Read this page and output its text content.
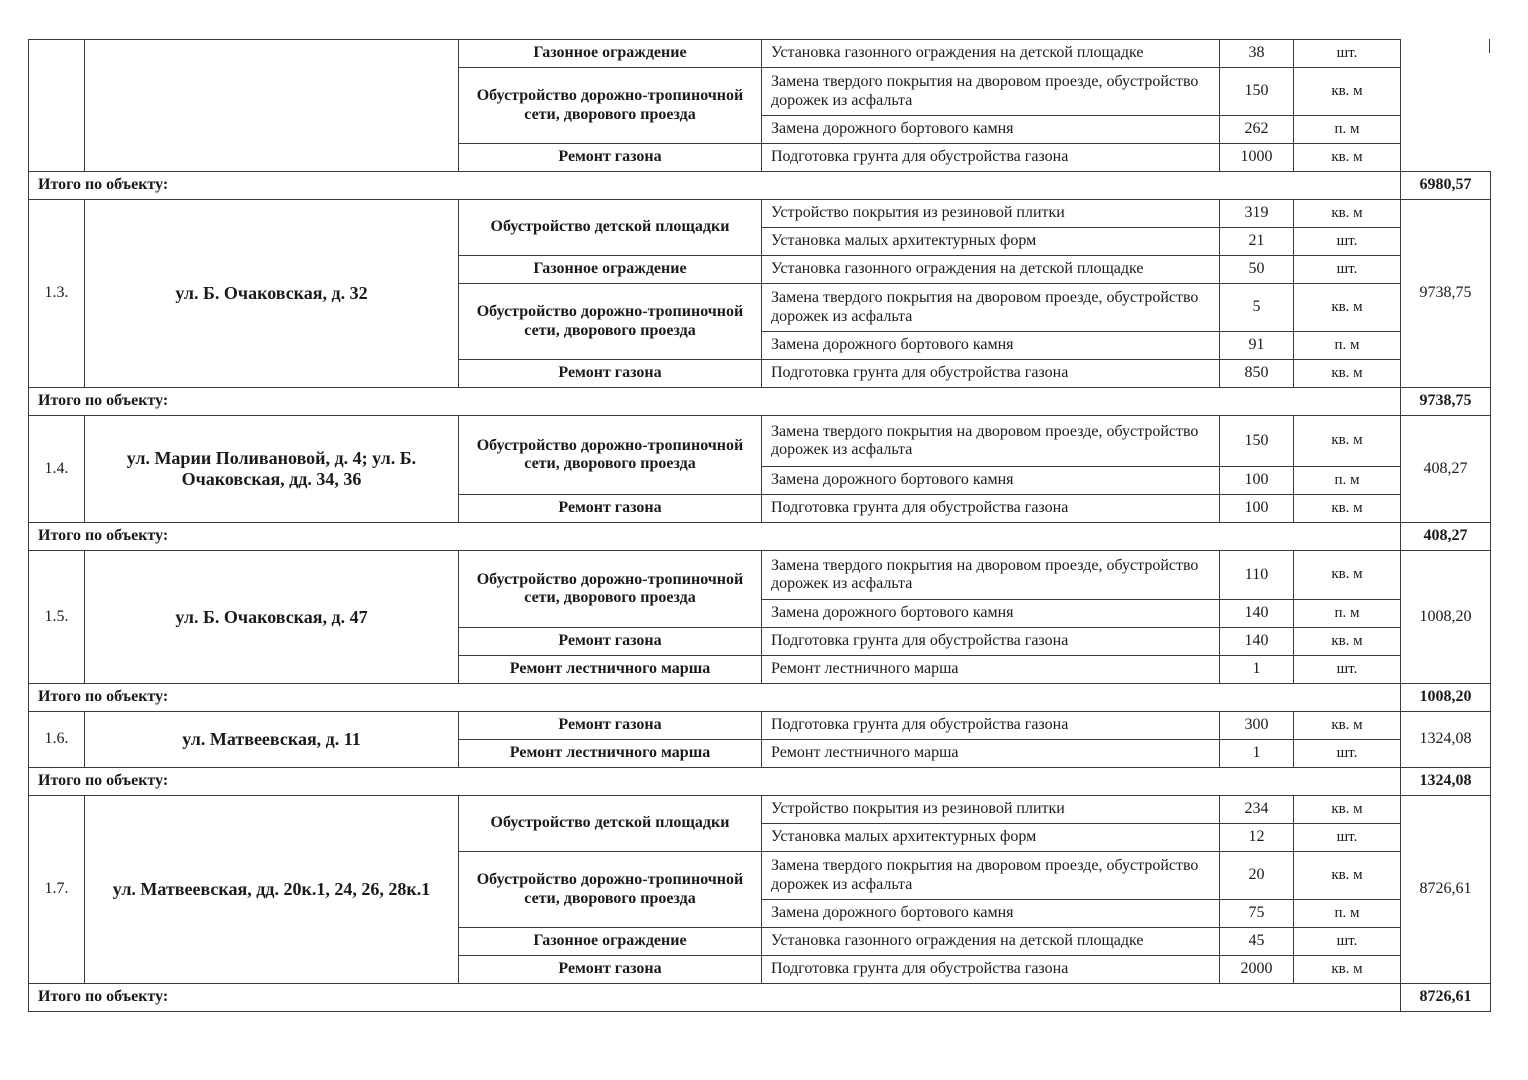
		Газонное ограждение	Установка газонного ограждения на детской площадке	38	шт.	
		Обустройство дорожно-тропиночной сети, дворового проезда	Замена твердого покрытия на дворовом проезде, обустройство дорожек из асфальта	150	кв. м	
			Замена дорожного бортового камня	262	п. м	
		Ремонт газона	Подготовка грунта для обустройства газона	1000	кв. м	
Итого по объекту:						6980,57
1.3.	ул. Б. Очаковская, д. 32	Обустройство детской площадки	Устройство покрытия из резиновой плитки	319	кв. м	9738,75
			Установка малых архитектурных форм	21	шт.	
		Газонное ограждение	Установка газонного ограждения на детской площадке	50	шт.	
		Обустройство дорожно-тропиночной сети, дворового проезда	Замена твердого покрытия на дворовом проезде, обустройство дорожек из асфальта	5	кв. м	
			Замена дорожного бортового камня	91	п. м	
		Ремонт газона	Подготовка грунта для обустройства газона	850	кв. м	
Итого по объекту:						9738,75
1.4.	ул. Марии Поливановой, д. 4; ул. Б. Очаковская, дд. 34, 36	Обустройство дорожно-тропиночной сети, дворового проезда	Замена твердого покрытия на дворовом проезде, обустройство дорожек из асфальта	150	кв. м	408,27
			Замена дорожного бортового камня	100	п. м	
		Ремонт газона	Подготовка грунта для обустройства газона	100	кв. м	
Итого по объекту:						408,27
1.5.	ул. Б. Очаковская, д. 47	Обустройство дорожно-тропиночной сети, дворового проезда	Замена твердого покрытия на дворовом проезде, обустройство дорожек из асфальта	110	кв. м	1008,20
			Замена дорожного бортового камня	140	п. м	
		Ремонт газона	Подготовка грунта для обустройства газона	140	кв. м	
		Ремонт лестничного марша	Ремонт лестничного марша	1	шт.	
Итого по объекту:						1008,20
1.6.	ул. Матвеевская, д. 11	Ремонт газона	Подготовка грунта для обустройства газона	300	кв. м	1324,08
		Ремонт лестничного марша	Ремонт лестничного марша	1	шт.	
Итого по объекту:						1324,08
1.7.	ул. Матвеевская, дд. 20к.1, 24, 26, 28к.1	Обустройство детской площадки	Устройство покрытия из резиновой плитки	234	кв. м	8726,61
			Установка малых архитектурных форм	12	шт.	
		Обустройство дорожно-тропиночной сети, дворового проезда	Замена твердого покрытия на дворовом проезде, обустройство дорожек из асфальта	20	кв. м	
			Замена дорожного бортового камня	75	п. м	
		Газонное ограждение	Установка газонного ограждения на детской площадке	45	шт.	
		Ремонт газона	Подготовка грунта для обустройства газона	2000	кв. м	
Итого по объекту:						8726,61
